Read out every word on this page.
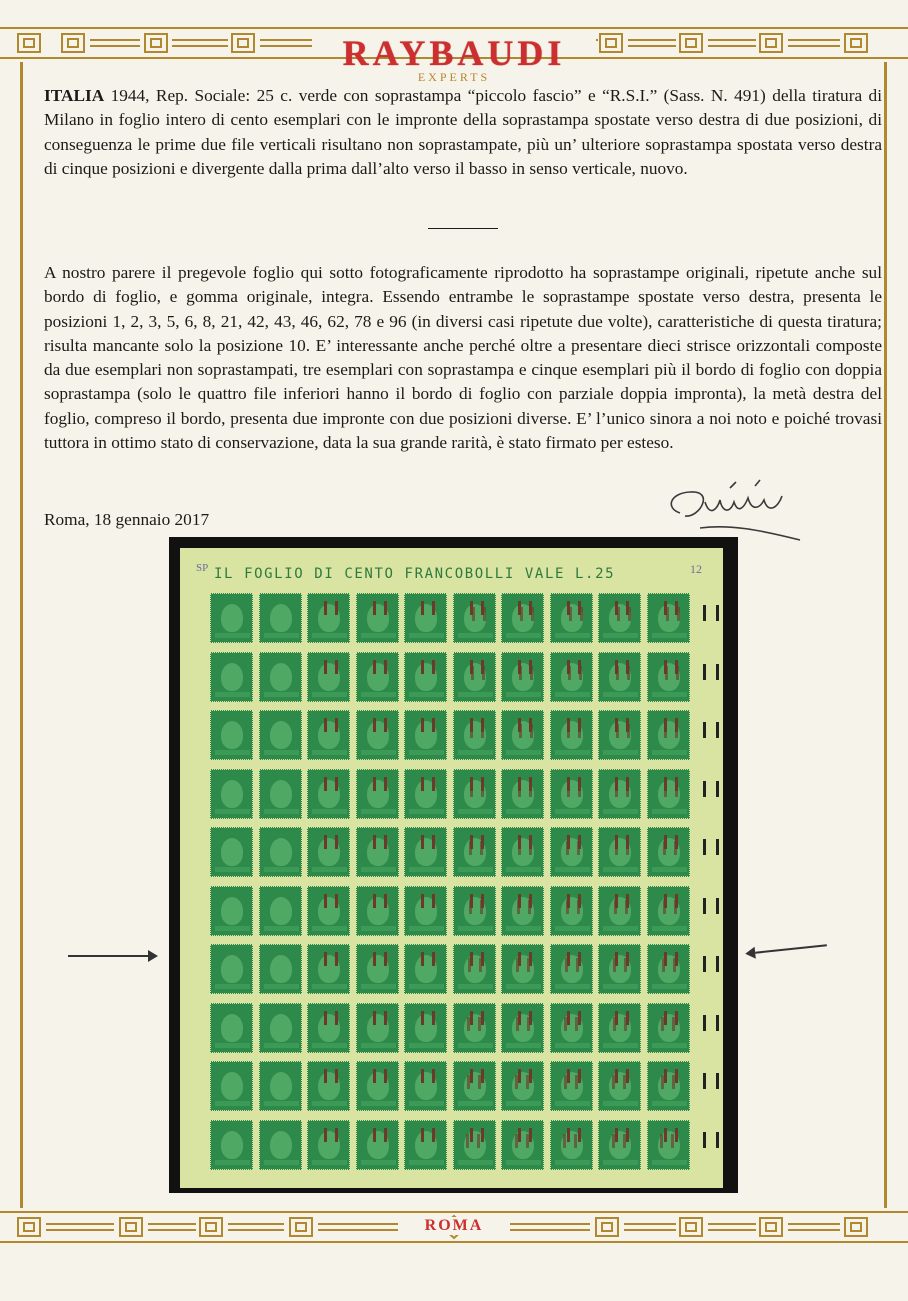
RAYBAUDI
EXPERTS
ITALIA 1944, Rep. Sociale: 25 c. verde con soprastampa “piccolo fascio” e “R.S.I.” (Sass. N. 491) della tiratura di Milano in foglio intero di cento esemplari con le impronte della soprastampa spostate verso destra di due posizioni, di conseguenza le prime due file verticali risultano non soprastampate, più un’ ulteriore soprastampa spostata verso destra di cinque posizioni e divergente dalla prima dall’alto verso il basso in senso verticale, nuovo.
A nostro parere il pregevole foglio qui sotto fotograficamente riprodotto ha soprastampe originali, ripetute anche sul bordo di foglio, e gomma originale, integra. Essendo entrambe le soprastampe spostate verso destra, presenta le posizioni 1, 2, 3, 5, 6, 8, 21, 42, 43, 46, 62, 78 e 96 (in diversi casi ripetute due volte), caratteristiche di questa tiratura; risulta mancante solo la posizione 10. E’ interessante anche perché oltre a presentare dieci strisce orizzontali composte da due esemplari non soprastampati, tre esemplari con soprastampa e cinque esemplari più il bordo di foglio con doppia soprastampa (solo le quattro file inferiori hanno il bordo di foglio con parziale doppia impronta), la metà destra del foglio, compreso il bordo, presenta due impronte con due posizioni diverse. E’ l’unico sinora a noi noto e poiché trovasi tuttora in ottimo stato di conservazione, data la sua grande rarità, è stato firmato per esteso.
Roma, 18 gennaio 2017
SP IL FOGLIO DI CENTO FRANCOBOLLI VALE L.25	12
ROMA
